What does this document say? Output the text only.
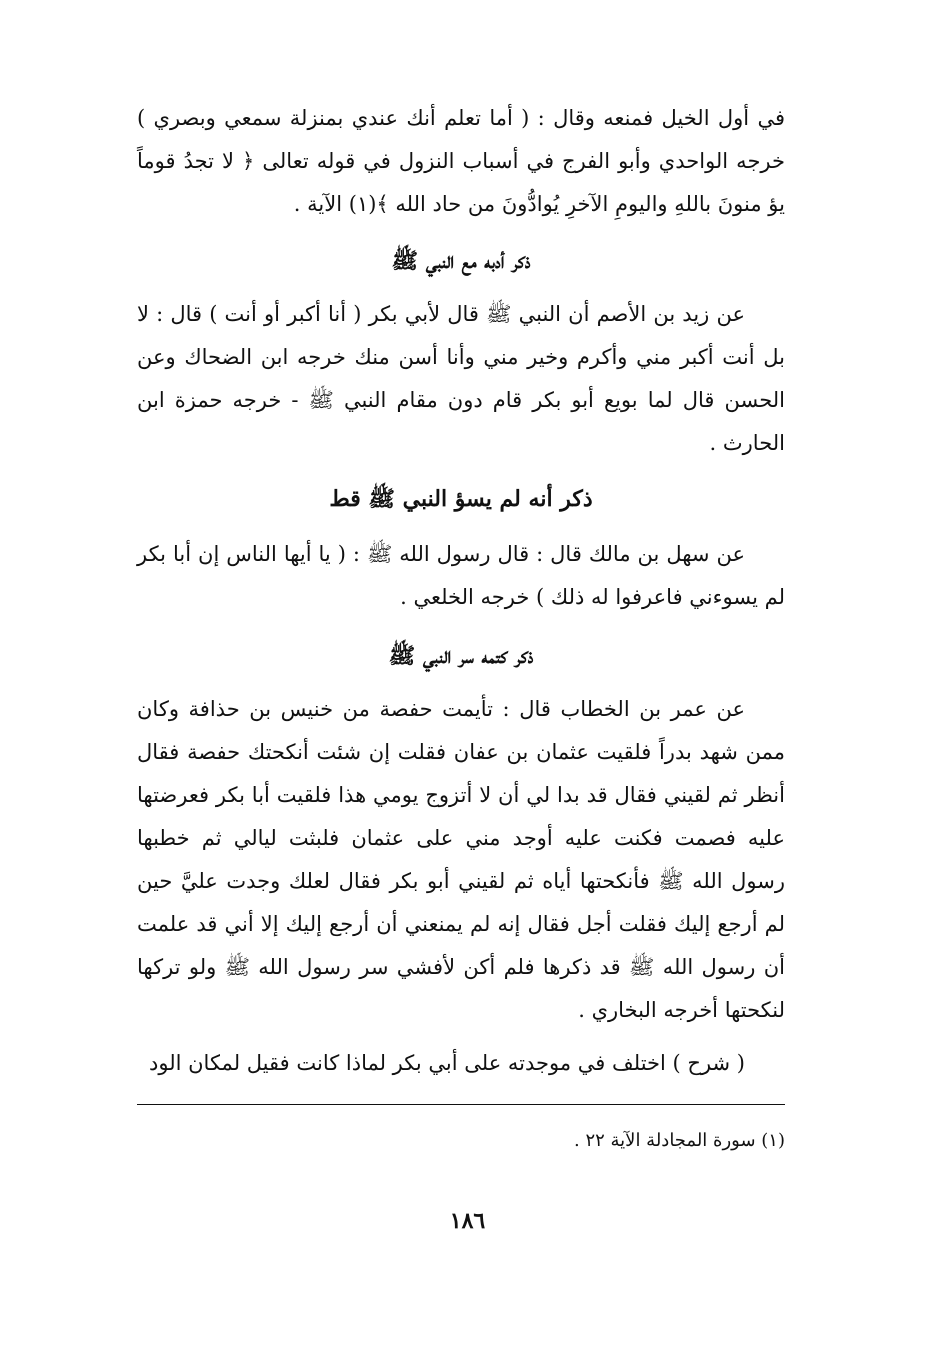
في أول الخيل فمنعه وقال : ( أما تعلم أنك عندي بمنزلة سمعي وبصري ) خرجه الواحدي وأبو الفرج في أسباب النزول في قوله تعالى ﴿ لا تجدُ قوماً يؤ منونَ باللهِ واليومِ الآخرِ يُوادُّونَ من حاد الله ﴾(١) الآية .

ذكر أدبه مع النبي ﷺ

عن زيد بن الأصم أن النبي ﷺ قال لأبي بكر ( أنا أكبر أو أنت ) قال : لا بل أنت أكبر مني وأكرم وخير مني وأنا أسن منك خرجه ابن الضحاك وعن الحسن قال لما بويع أبو بكر قام دون مقام النبي ﷺ - خرجه حمزة ابن الحارث .

ذكر أنه لم يسؤ النبي ﷺ قط

عن سهل بن مالك قال : قال رسول الله ﷺ : ( يا أيها الناس إن أبا بكر لم يسوءني فاعرفوا له ذلك ) خرجه الخلعي .

ذكر كتمه سر النبي ﷺ

عن عمر بن الخطاب قال : تأيمت حفصة من خنيس بن حذافة وكان ممن شهد بدراً فلقيت عثمان بن عفان فقلت إن شئت أنكحتك حفصة فقال أنظر ثم لقيني فقال قد بدا لي أن لا أتزوج يومي هذا فلقيت أبا بكر فعرضتها عليه فصمت فكنت عليه أوجد مني على عثمان فلبثت ليالي ثم خطبها رسول الله ﷺ فأنكحتها أياه ثم لقيني أبو بكر فقال لعلك وجدت عليَّ حين لم أرجع إليك فقلت أجل فقال إنه لم يمنعني أن أرجع إليك إلا أني قد علمت أن رسول الله ﷺ قد ذكرها فلم أكن لأفشي سر رسول الله ﷺ ولو تركها لنكحتها أخرجه البخاري .

( شرح ) اختلف في موجدته على أبي بكر لماذا كانت فقيل لمكان الود

(١) سورة المجادلة الآية ٢٢ .
١٨٦
